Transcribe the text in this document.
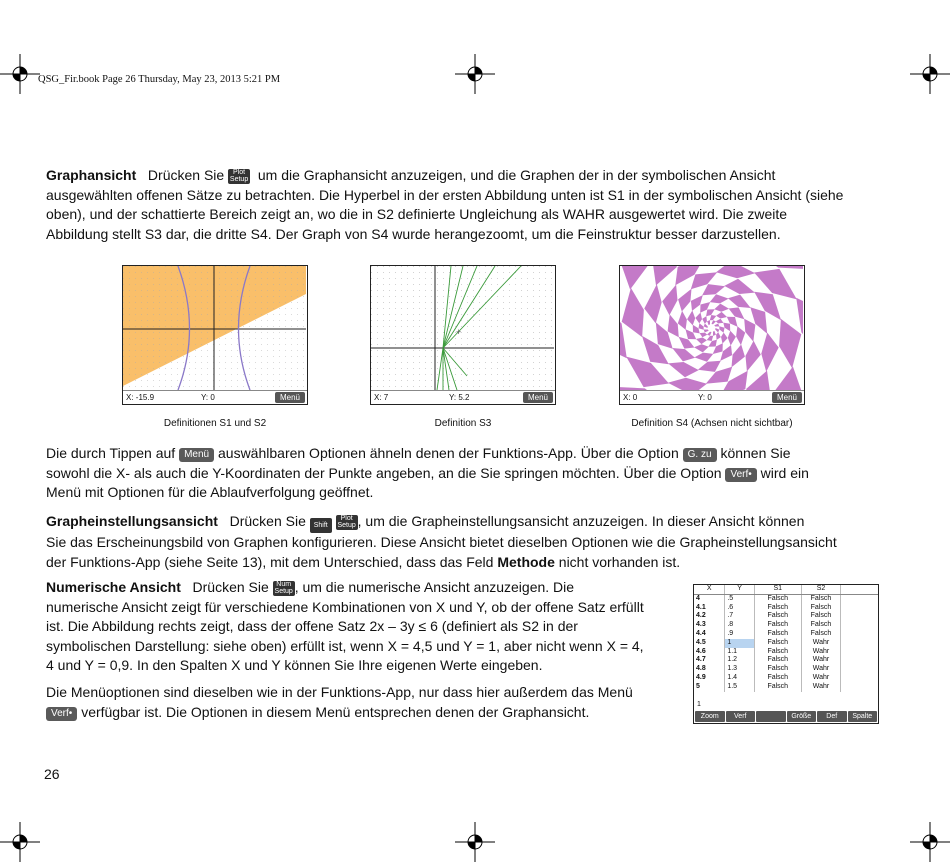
QSG_Fir.book Page 26 Thursday, May 23, 2013 5:21 PM
Graphansicht Drücken Sie Plot
Setup um die Graphansicht anzuzeigen, und die Graphen der in der symbolischen Ansicht
ausgewählten offenen Sätze zu betrachten. Die Hyperbel in der ersten Abbildung unten ist S1 in der symbolischen Ansicht (siehe
oben), und der schattierte Bereich zeigt an, wo die in S2 definierte Ungleichung als WAHR ausgewertet wird. Die zweite
Abbildung stellt S3 dar, die dritte S4. Der Graph von S4 wurde herangezoomt, um die Feinstruktur besser darzustellen.
X: -15.9	Y: 0	Menü
Definitionen S1 und S2
+
X: 7	Y: 5.2	Menü
Definition S3
X: 0	Y: 0	Menü
Definition S4 (Achsen nicht sichtbar)
Die durch Tippen auf Menü auswählbaren Optionen ähneln denen der Funktions-App. Über die Option G. zu können Sie
sowohl die X- als auch die Y-Koordinaten der Punkte angeben, an die Sie springen möchten. Über die Option Verf• wird ein
Menü mit Optionen für die Ablaufverfolgung geöffnet.
Grapheinstellungsansicht Drücken Sie Shift Plot
Setup , um die Grapheinstellungsansicht anzuzeigen. In dieser Ansicht können
Sie das Erscheinungsbild von Graphen konfigurieren. Diese Ansicht bietet dieselben Optionen wie die Grapheinstellungsansicht
der Funktions-App (siehe Seite 13), mit dem Unterschied, dass das Feld Methode nicht vorhanden ist.
Numerische Ansicht Drücken Sie Num
Setup , um die numerische Ansicht anzuzeigen. Die
numerische Ansicht zeigt für verschiedene Kombinationen von X und Y, ob der offene Satz erfüllt
ist. Die Abbildung rechts zeigt, dass der offene Satz 2x – 3y ≤ 6 (definiert als S2 in der
symbolischen Darstellung: siehe oben) erfüllt ist, wenn X = 4,5 und Y = 1, aber nicht wenn X = 4,
4 und Y = 0,9. In den Spalten X und Y können Sie Ihre eigenen Werte eingeben.
Die Menüoptionen sind dieselben wie in der Funktions-App, nur dass hier außerdem das Menü
Verf• verfügbar ist. Die Optionen in diesem Menü entsprechen denen der Graphansicht.
X	Y	S1	S2	
4	.5	Falsch	Falsch	
4.1	.6	Falsch	Falsch	
4.2	.7	Falsch	Falsch	
4.3	.8	Falsch	Falsch	
4.4	.9	Falsch	Falsch	
4.5	1	Falsch	Wahr	
4.6	1.1	Falsch	Wahr	
4.7	1.2	Falsch	Wahr	
4.8	1.3	Falsch	Wahr	
4.9	1.4	Falsch	Wahr	
5	1.5	Falsch	Wahr	
1
Zoom	Verf	Größe	Def	Spalte
26
